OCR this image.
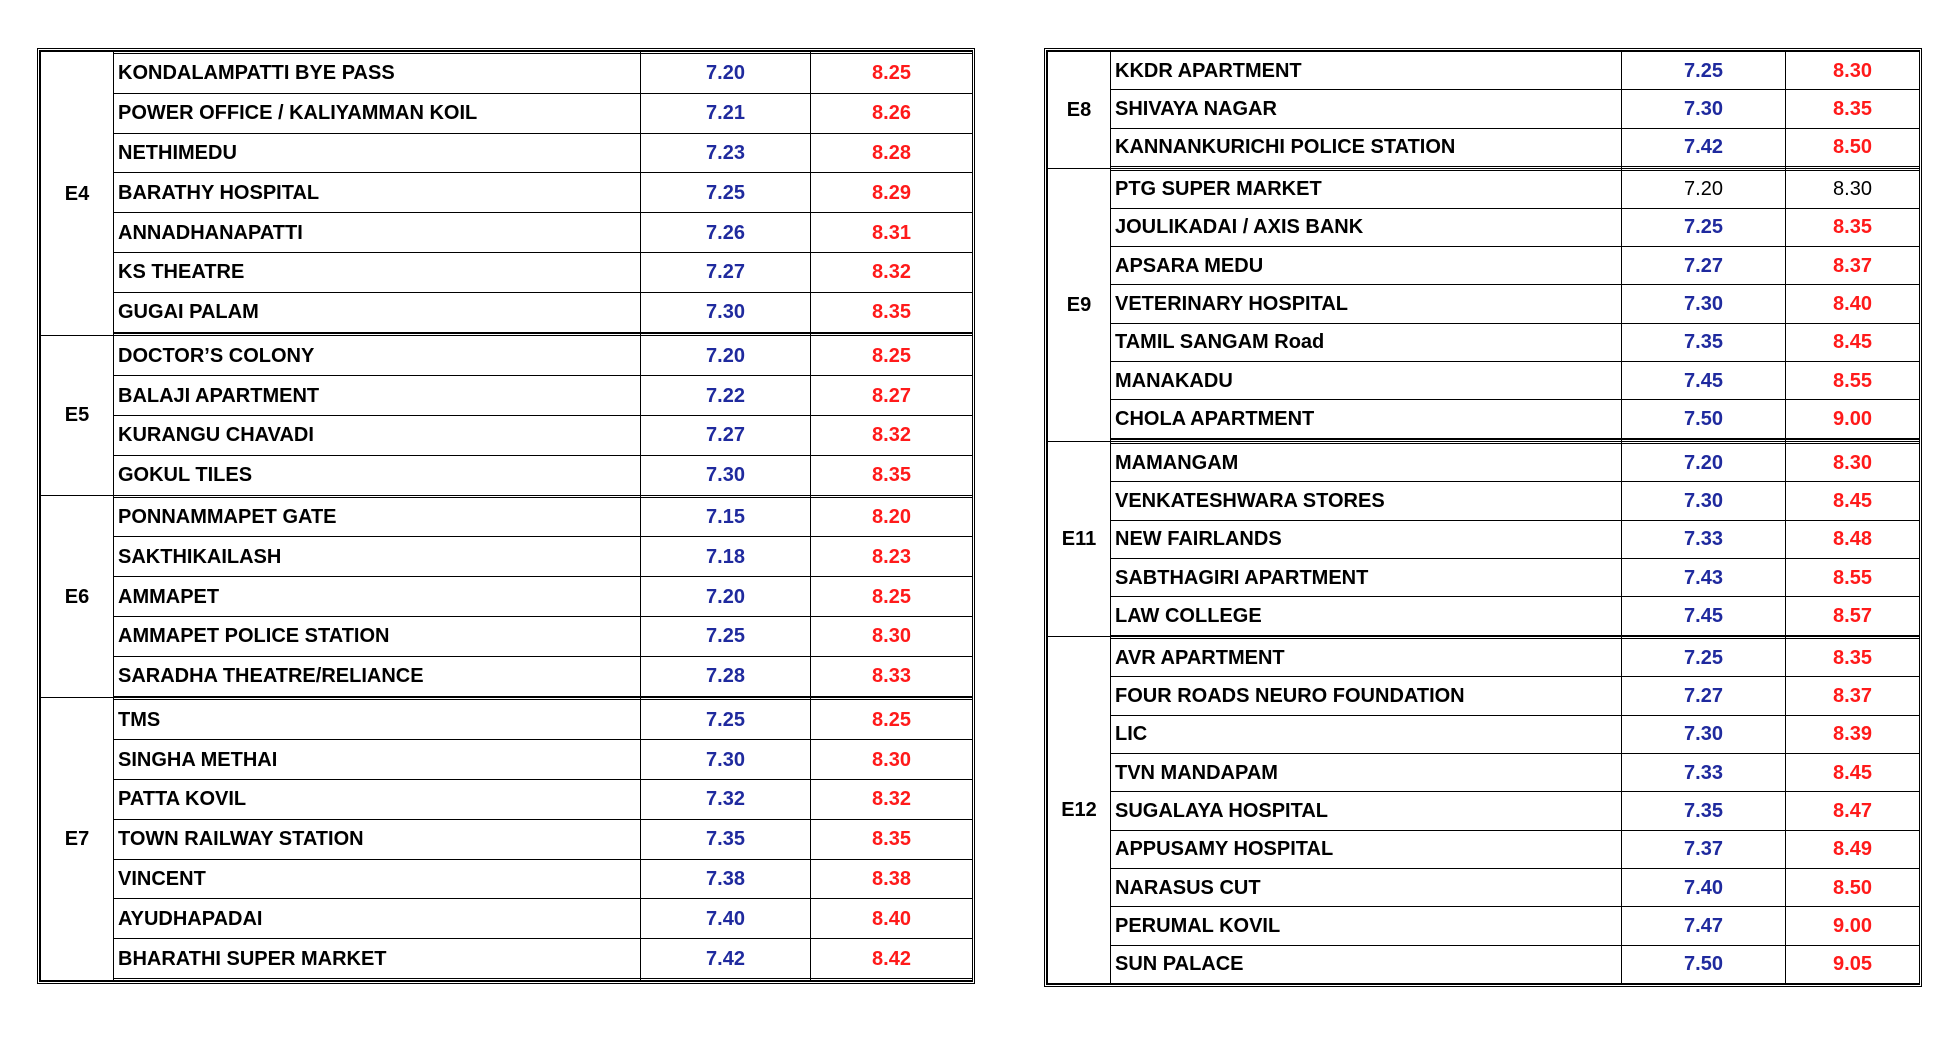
E4			
	KONDALAMPATTI BYE PASS	7.20	8.25
	POWER OFFICE / KALIYAMMAN KOIL	7.21	8.26
	NETHIMEDU	7.23	8.28
	BARATHY HOSPITAL	7.25	8.29
	ANNADHANAPATTI	7.26	8.31
	KS THEATRE	7.27	8.32
	GUGAI PALAM	7.30	8.35

E5	DOCTOR’S COLONY	7.20	8.25
	BALAJI APARTMENT	7.22	8.27
	KURANGU CHAVADI	7.27	8.32
	GOKUL TILES	7.30	8.35
E6			
	PONNAMMAPET GATE	7.15	8.20
	SAKTHIKAILASH	7.18	8.23
	AMMAPET	7.20	8.25
	AMMAPET POLICE STATION	7.25	8.30
	SARADHA THEATRE/RELIANCE	7.28	8.33

E7			
	TMS	7.25	8.25
	SINGHA METHAI	7.30	8.30
	PATTA KOVIL	7.32	8.32
	TOWN RAILWAY STATION	7.35	8.35
	VINCENT	7.38	8.38
	AYUDHAPADAI	7.40	8.40
	BHARATHI SUPER MARKET	7.42	8.42

E8	KKDR APARTMENT	7.25	8.30
	SHIVAYA NAGAR	7.30	8.35
	KANNANKURICHI POLICE STATION	7.42	8.50

E9			
	PTG SUPER MARKET	7.20	8.30
	JOULIKADAI / AXIS BANK	7.25	8.35
	APSARA MEDU	7.27	8.37
	VETERINARY HOSPITAL	7.30	8.40
	TAMIL SANGAM Road	7.35	8.45
	MANAKADU	7.45	8.55
	CHOLA APARTMENT	7.50	9.00

E11			
	MAMANGAM	7.20	8.30
	VENKATESHWARA STORES	7.30	8.45
	NEW FAIRLANDS	7.33	8.48
	SABTHAGIRI APARTMENT	7.43	8.55
	LAW COLLEGE	7.45	8.57

E12			
	AVR APARTMENT	7.25	8.35
	FOUR ROADS NEURO FOUNDATION	7.27	8.37
	LIC	7.30	8.39
	TVN MANDAPAM	7.33	8.45
	SUGALAYA HOSPITAL	7.35	8.47
	APPUSAMY HOSPITAL	7.37	8.49
	NARASUS CUT	7.40	8.50
	PERUMAL KOVIL	7.47	9.00
	SUN PALACE	7.50	9.05
